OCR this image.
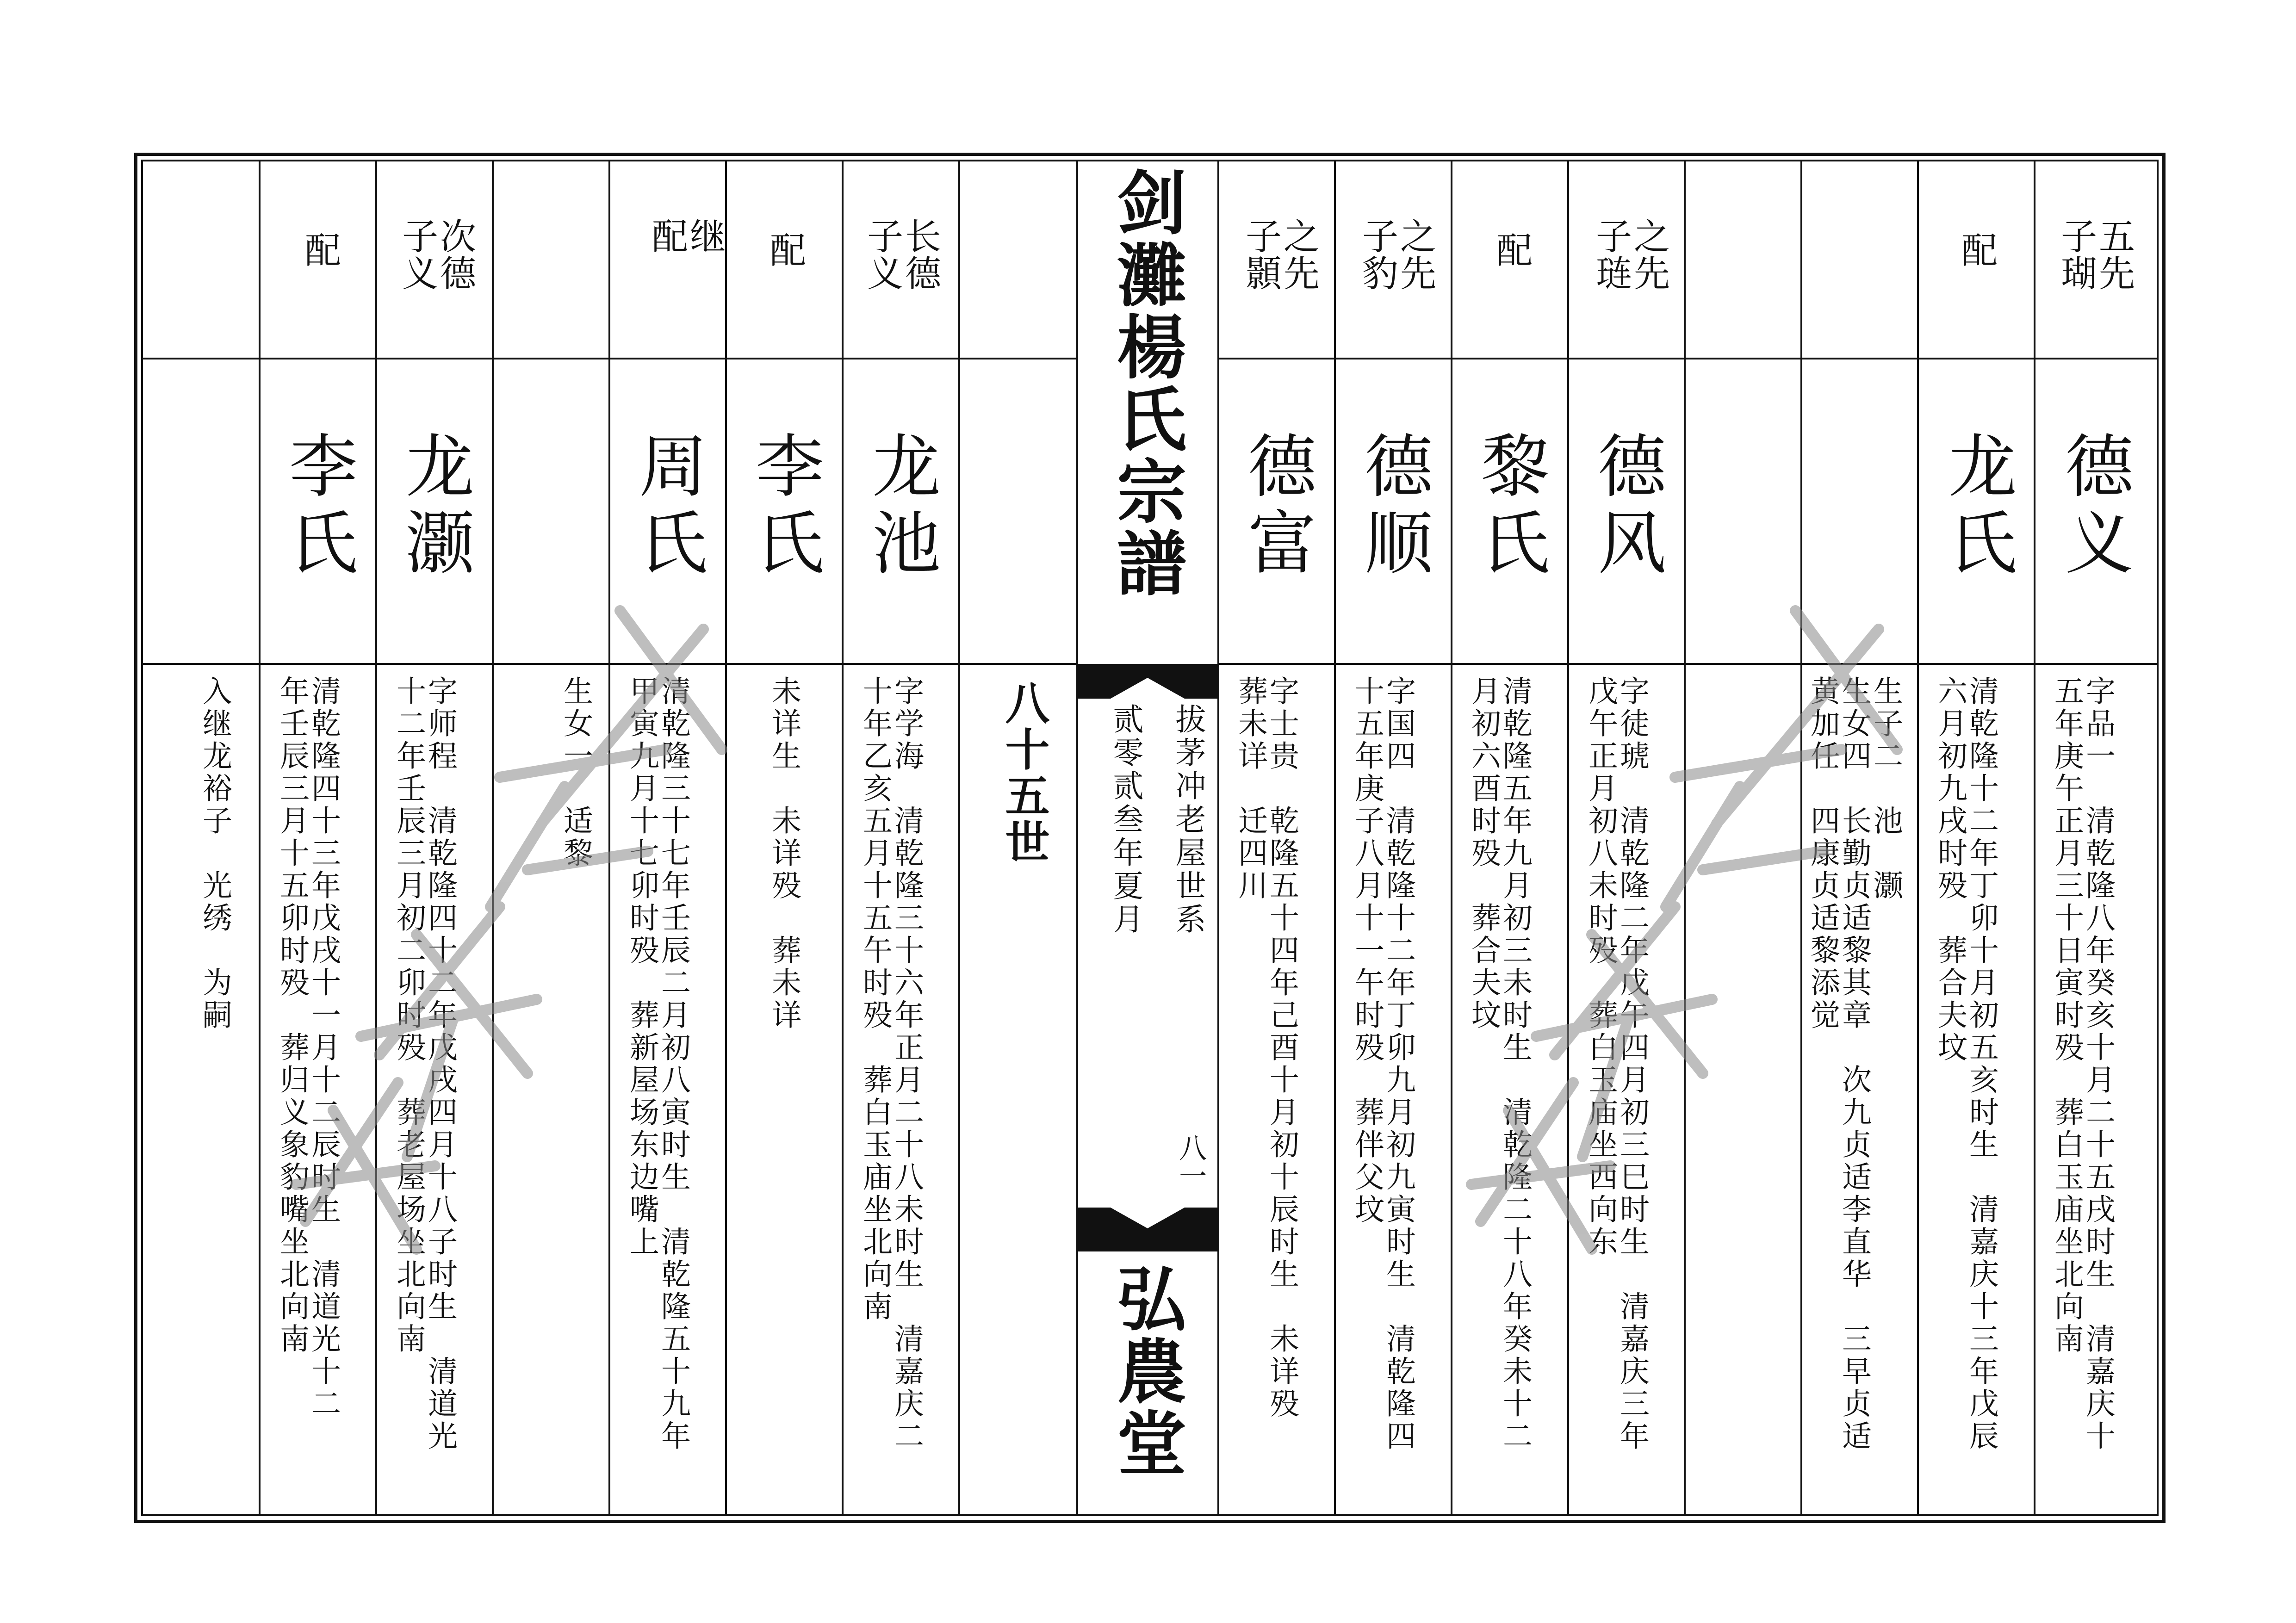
剑灘楊氏宗譜
弘農堂
拔茅冲老屋世系
贰零贰叁年夏月
八一
八十五世
五先
子瑚
德义
字品一　清乾隆八年癸亥十月二十五戌时生　清嘉庆十
五年庚午正月三十日寅时殁　葬白玉庙坐北向南
配
龙氏
清乾隆十二年丁卯十月初五亥时生　清嘉庆十三年戊辰
六月初九戌时殁　葬合夫坟
生子二　池　灏
生女四　长勤贞适黎其章　次九贞适李直华　三早贞适
黄加任　四康贞适黎添觉
之先
子琏
德风
字徒琥　清乾隆二年戊午四月初三巳时生　清嘉庆三年
戊午正月初八未时殁　葬白玉庙坐西向东
配
黎氏
清乾隆五年九月初三未时生　清乾隆二十八年癸未十二
月初六酉时殁　葬合夫坟
之先
子豹
德顺
字国四　清乾隆十二年丁卯九月初九寅时生　清乾隆四
十五年庚子八月十一午时殁　葬伴父坟
之先
子顥
德富
字士贵　乾隆五十四年己酉十月初十辰时生　未详殁
葬未详　迁四川
长德
子义
龙池
字学海　清乾隆三十六年正月二十八未时生　清嘉庆二
十年乙亥五月十五午时殁　葬白玉庙坐北向南
配
李氏
未详生　未详殁　葬未详
继
配
周氏
清乾隆三十七年壬辰二月初八寅时生　清乾隆五十九年
甲寅九月十七卯时殁　葬新屋场东边嘴上
生女一　适黎
次德
子义
龙灏
字师程　清乾隆四十二年戊戌四月十八子时生　清道光
十二年壬辰三月初二卯时殁　葬老屋场坐北向南
配
李氏
清乾隆四十三年戊戌十一月十二辰时生　清道光十二
年壬辰三月十五卯时殁　葬归义象豹嘴坐北向南
入继龙裕子　光绣　为嗣
